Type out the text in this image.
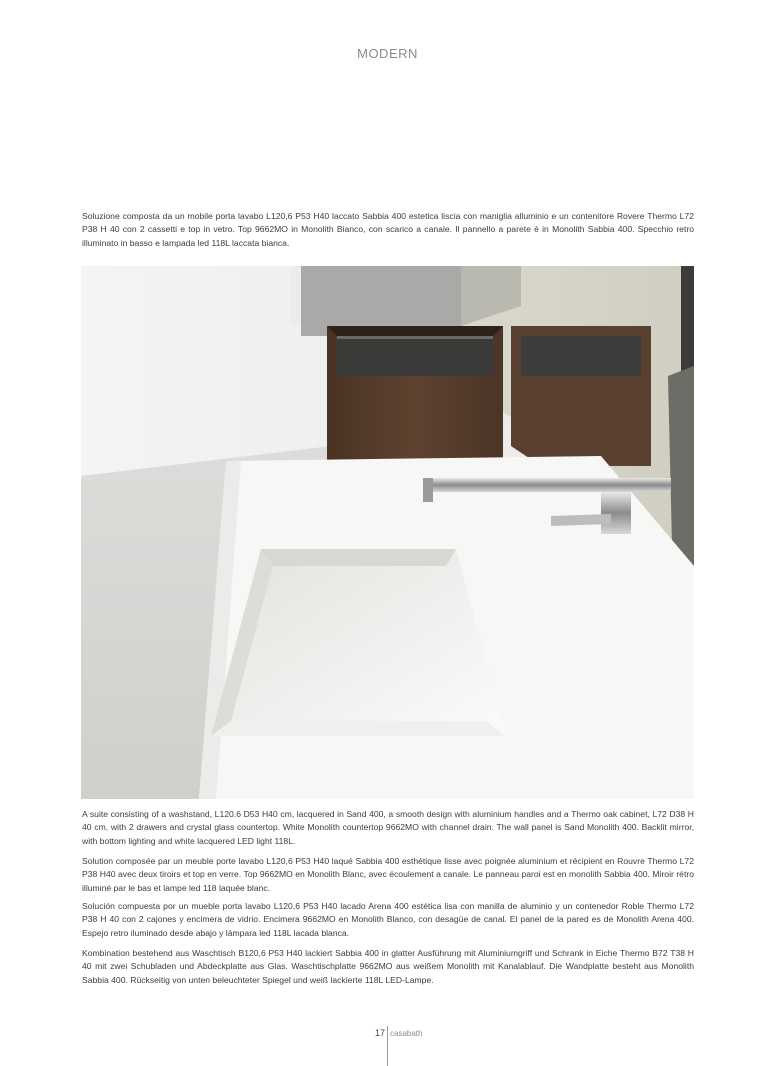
MODERN

Soluzione composta da un mobile porta lavabo L120,6 P53 H40 laccato Sabbia 400 estetica liscia con maniglia alluminio e un contenitore Rovere Thermo L72 P38 H 40 con 2 cassetti e top in vetro. Top 9662MO in Monolith Bianco, con scarico a canale. Il pannello a parete è in Monolith Sabbia 400. Specchio retro illuminato in basso e lampada led 118L laccata bianca.

A suite consisting of a washstand, L120.6 D53 H40 cm, lacquered in Sand 400, a smooth design with aluminium handles and a Thermo oak cabinet, L72 D38 H 40 cm, with 2 drawers and crystal glass countertop. White Monolith countertop 9662MO with channel drain. The wall panel is Sand Monolith 400. Backlit mirror, with bottom lighting and white lacquered LED light 118L.

Solution composée par un meuble porte lavabo L120,6 P53 H40 laqué Sabbia 400 esthétique lisse avec poignée aluminium et récipient en Rouvre Thermo L72 P38 H40 avec deux tiroirs et top en verre. Top 9662MO en Monolith Blanc, avec écoulement a canale. Le panneau paroi est en monolith Sabbia 400. Miroir rétro illuminé par le bas et lampe led 118 laquée blanc.

Solución compuesta por un mueble porta lavabo L120,6 P53 H40 lacado Arena 400 estética lisa con manilla de aluminio y un contenedor Roble Thermo L72 P38 H 40 con 2 cajones y encimera de vidrio. Encimera 9662MO en Monolith Blanco, con desagüe de canal. El panel de la pared es de Monolith Arena 400. Espejo retro iluminado desde abajo y lámpara led 118L lacada blanca.

Kombination bestehend aus Waschtisch B120,6 P53 H40 lackiert Sabbia 400 in glatter Ausführung mit Aluminiumgriff und Schrank in Eiche Thermo B72 T38 H 40 mit zwei Schubladen und Abdeckplatte aus Glas. Waschtischplatte 9662MO aus weißem Monolith mit Kanalablauf. Die Wandplatte besteht aus Monolith Sabbia 400. Rückseitig von unten beleuchteter Spiegel und weiß lackierte 118L LED-Lampe.

17 casabath
